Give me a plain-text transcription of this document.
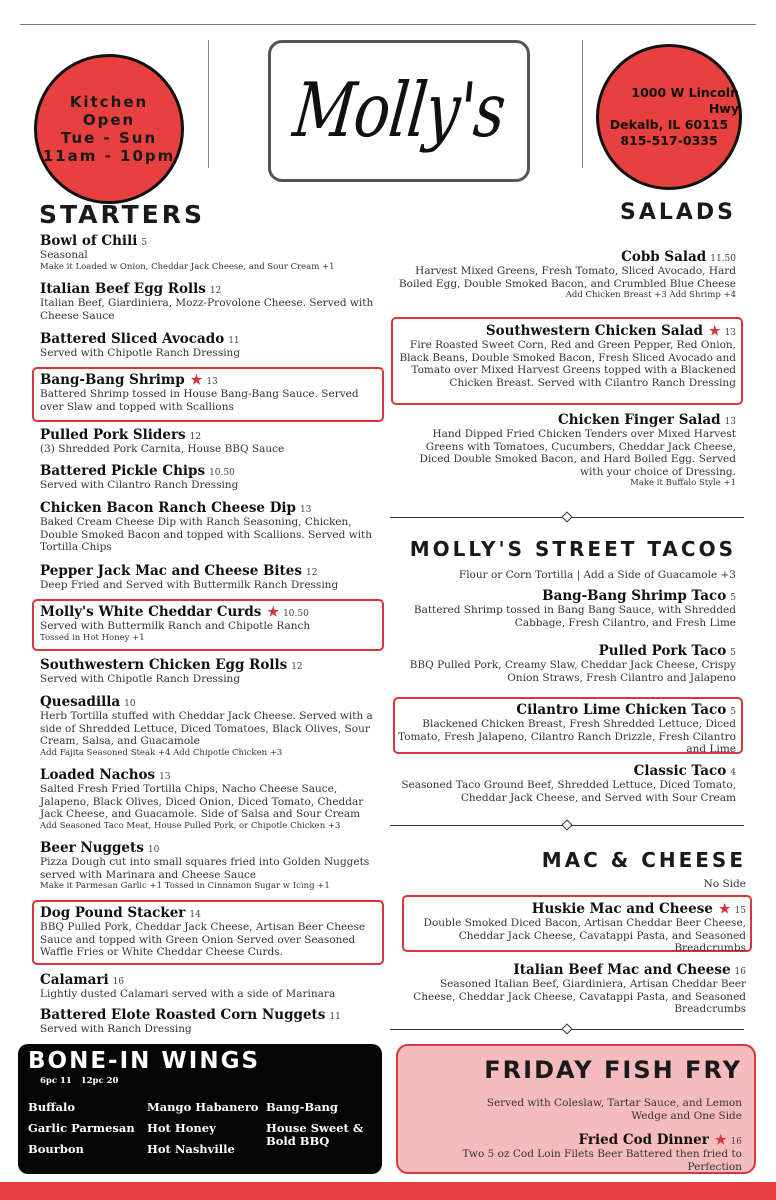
Kitchen
Open
Tue - Sun
11am - 10pm
Molly's	1000 W Lincoln Hwy
Dekalb, IL 60115
815-517-0335
STARTERS
Bowl of Chili 5
Seasonal
Make it Loaded w Onion, Cheddar Jack Cheese, and Sour Cream +1
Italian Beef Egg Rolls 12
Italian Beef, Giardiniera, Mozz-Provolone Cheese. Served with Cheese Sauce
Battered Sliced Avocado 11
Served with Chipotle Ranch Dressing
Bang-Bang Shrimp ★ 13
Battered Shrimp tossed in House Bang-Bang Sauce. Served over Slaw and topped with Scallions
Pulled Pork Sliders 12
(3) Shredded Pork Carnita, House BBQ Sauce
Battered Pickle Chips 10.50
Served with Cilantro Ranch Dressing
Chicken Bacon Ranch Cheese Dip 13
Baked Cream Cheese Dip with Ranch Seasoning, Chicken, Double Smoked Bacon and topped with Scallions. Served with Tortilla Chips
Pepper Jack Mac and Cheese Bites 12
Deep Fried and Served with Buttermilk Ranch Dressing
Molly's White Cheddar Curds ★ 10.50
Served with Buttermilk Ranch and Chipotle Ranch
Tossed in Hot Honey +1
Southwestern Chicken Egg Rolls 12
Served with Chipotle Ranch Dressing
Quesadilla 10
Herb Tortilla stuffed with Cheddar Jack Cheese. Served with a side of Shredded Lettuce, Diced Tomatoes, Black Olives, Sour Cream, Salsa, and Guacamole
Add Fajita Seasoned Steak +4 Add Chipotle Chicken +3
Loaded Nachos 13
Salted Fresh Fried Tortilla Chips, Nacho Cheese Sauce, Jalapeno, Black Olives, Diced Onion, Diced Tomato, Cheddar Jack Cheese, and Guacamole. Side of Salsa and Sour Cream
Add Seasoned Taco Meat, House Pulled Pork, or Chipotle Chicken +3
Beer Nuggets 10
Pizza Dough cut into small squares fried into Golden Nuggets served with Marinara and Cheese Sauce
Make it Parmesan Garlic +1 Tossed in Cinnamon Sugar w Icing +1
Dog Pound Stacker 14
BBQ Pulled Pork, Cheddar Jack Cheese, Artisan Beer Cheese Sauce and topped with Green Onion Served over Seasoned Waffle Fries or White Cheddar Cheese Curds.
Calamari 16
Lightly dusted Calamari served with a side of Marinara
Battered Elote Roasted Corn Nuggets 11
Served with Ranch Dressing
SALADS
Cobb Salad 11.50
Harvest Mixed Greens, Fresh Tomato, Sliced Avocado, Hard Boiled Egg, Double Smoked Bacon, and Crumbled Blue Cheese
Add Chicken Breast +3 Add Shrimp +4
Southwestern Chicken Salad ★ 13
Fire Roasted Sweet Corn, Red and Green Pepper, Red Onion, Black Beans, Double Smoked Bacon, Fresh Sliced Avocado and Tomato over Mixed Harvest Greens topped with a Blackened Chicken Breast. Served with Cilantro Ranch Dressing
Chicken Finger Salad 13
Hand Dipped Fried Chicken Tenders over Mixed Harvest Greens with Tomatoes, Cucumbers, Cheddar Jack Cheese, Diced Double Smoked Bacon, and Hard Boiled Egg. Served with your choice of Dressing.
Make it Buffalo Style +1
MOLLY'S STREET TACOS
Flour or Corn Tortilla | Add a Side of Guacamole +3
Bang-Bang Shrimp Taco 5
Battered Shrimp tossed in Bang Bang Sauce, with Shredded Cabbage, Fresh Cilantro, and Fresh Lime
Pulled Pork Taco 5
BBQ Pulled Pork, Creamy Slaw, Cheddar Jack Cheese, Crispy Onion Straws, Fresh Cilantro and Jalapeno
Cilantro Lime Chicken Taco 5
Blackened Chicken Breast, Fresh Shredded Lettuce, Diced Tomato, Fresh Jalapeno, Cilantro Ranch Drizzle, Fresh Cilantro and Lime
Classic Taco 4
Seasoned Taco Ground Beef, Shredded Lettuce, Diced Tomato, Cheddar Jack Cheese, and Served with Sour Cream
MAC & CHEESE
No Side
Huskie Mac and Cheese ★ 15
Double Smoked Diced Bacon, Artisan Cheddar Beer Cheese, Cheddar Jack Cheese, Cavatappi Pasta, and Seasoned Breadcrumbs
Italian Beef Mac and Cheese 16
Seasoned Italian Beef, Giardiniera, Artisan Cheddar Beer Cheese, Cheddar Jack Cheese, Cavatappi Pasta, and Seasoned Breadcrumbs
BONE-IN WINGS
6pc 11   12pc 20
Buffalo
Garlic Parmesan
Bourbon
Mango Habanero
Hot Honey
Hot Nashville
Bang-Bang
House Sweet & Bold BBQ
FRIDAY FISH FRY
Served with Coleslaw, Tartar Sauce, and Lemon Wedge and One Side
Fried Cod Dinner ★ 16
Two 5 oz Cod Loin Filets Beer Battered then fried to Perfection
